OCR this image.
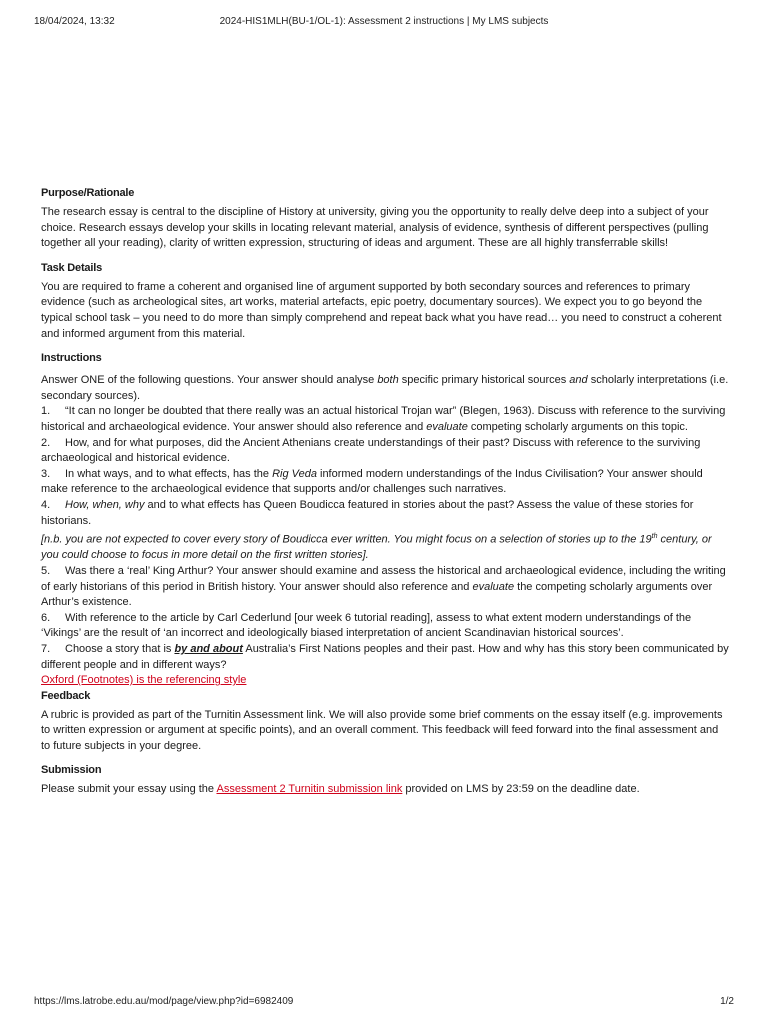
18/04/2024, 13:32	2024-HIS1MLH(BU-1/OL-1): Assessment 2 instructions | My LMS subjects
Purpose/Rationale

The research essay is central to the discipline of History at university, giving you the opportunity to really delve deep into a subject of your choice. Research essays develop your skills in locating relevant material, analysis of evidence, synthesis of different perspectives (pulling together all your reading), clarity of written expression, structuring of ideas and argument. These are all highly transferrable skills!

Task Details

You are required to frame a coherent and organised line of argument supported by both secondary sources and references to primary evidence (such as archeological sites, art works, material artefacts, epic poetry, documentary sources). We expect you to go beyond the typical school task – you need to do more than simply comprehend and repeat back what you have read… you need to construct a coherent and informed argument from this material.

Instructions

Answer ONE of the following questions. Your answer should analyse both specific primary historical sources and scholarly interpretations (i.e. secondary sources).

1. “It can no longer be doubted that there really was an actual historical Trojan war” (Blegen, 1963). Discuss with reference to the surviving historical and archaeological evidence. Your answer should also reference and evaluate competing scholarly arguments on this topic.

2. How, and for what purposes, did the Ancient Athenians create understandings of their past? Discuss with reference to the surviving archaeological and historical evidence.

3. In what ways, and to what effects, has the Rig Veda informed modern understandings of the Indus Civilisation? Your answer should make reference to the archaeological evidence that supports and/or challenges such narratives.

4. How, when, why and to what effects has Queen Boudicca featured in stories about the past? Assess the value of these stories for historians.

[n.b. you are not expected to cover every story of Boudicca ever written. You might focus on a selection of stories up to the 19th century, or you could choose to focus in more detail on the first written stories].

5. Was there a ‘real’ King Arthur? Your answer should examine and assess the historical and archaeological evidence, including the writing of early historians of this period in British history. Your answer should also reference and evaluate the competing scholarly arguments over Arthur’s existence.

6. With reference to the article by Carl Cederlund [our week 6 tutorial reading], assess to what extent modern understandings of the ‘Vikings’ are the result of ‘an incorrect and ideologically biased interpretation of ancient Scandinavian historical sources’.

7. Choose a story that is by and about Australia’s First Nations peoples and their past. How and why has this story been communicated by different people and in different ways?

Oxford (Footnotes) is the referencing style

Feedback

A rubric is provided as part of the Turnitin Assessment link. We will also provide some brief comments on the essay itself (e.g. improvements to written expression or argument at specific points), and an overall comment. This feedback will feed forward into the final assessment and to future subjects in your degree.

Submission

Please submit your essay using the Assessment 2 Turnitin submission link provided on LMS by 23:59 on the deadline date.

https://lms.latrobe.edu.au/mod/page/view.php?id=6982409	1/2
